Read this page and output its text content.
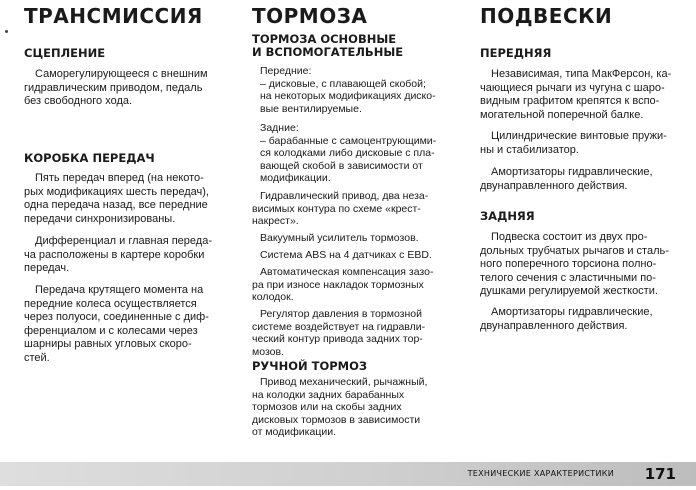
ТРАНСМИССИЯ
СЦЕПЛЕНИЕ

Саморегулирующееся с внешним
гидравлическим приводом, педаль
без свободного хода.

КОРОБКА ПЕРЕДАЧ

Пять передач вперед (на некото-
рых модификациях шесть передач),
одна передача назад, все передние
передачи синхронизированы.

Дифференциал и главная переда-
ча расположены в картере коробки
передач.

Передача крутящего момента на
передние колеса осуществляется
через полуоси, соединенные с диф-
ференциалом и с колесами через
шарниры равных угловых скоро-
стей.

ТОРМОЗА
ТОРМОЗА ОСНОВНЫЕ
И ВСПОМОГАТЕЛЬНЫЕ

Передние:
– дисковые, с плавающей скобой;
на некоторых модификациях диско-
вые вентилируемые.

Задние:
– барабанные с самоцентрующими-
ся колодками либо дисковые с пла-
вающей скобой в зависимости от
модификации.

Гидравлический привод, два неза-
висимых контура по схеме «крест-
накрест».

Вакуумный усилитель тормозов.

Система ABS на 4 датчиках с EBD.

Автоматическая компенсация зазо-
ра при износе накладок тормозных
колодок.

Регулятор давления в тормозной
системе воздействует на гидравли-
ческий контур привода задних тор-
мозов.

РУЧНОЙ ТОРМОЗ

Привод механический, рычажный,
на колодки задних барабанных
тормозов или на скобы задних
дисковых тормозов в зависимости
от модификации.

ПОДВЕСКИ
ПЕРЕДНЯЯ

Независимая, типа МакФерсон, ка-
чающиеся рычаги из чугуна с шаро-
видным графитом крепятся к вспо-
могательной поперечной балке.

Цилиндрические винтовые пружи-
ны и стабилизатор.

Амортизаторы гидравлические,
двунаправленного действия.

ЗАДНЯЯ

Подвеска состоит из двух про-
дольных трубчатых рычагов и сталь-
ного поперечного торсиона полно-
телого сечения с эластичными по-
душками регулируемой жесткости.

Амортизаторы гидравлические,
двунаправленного действия.

ТЕХНИЧЕСКИЕ ХАРАКТЕРИСТИКИ 171
